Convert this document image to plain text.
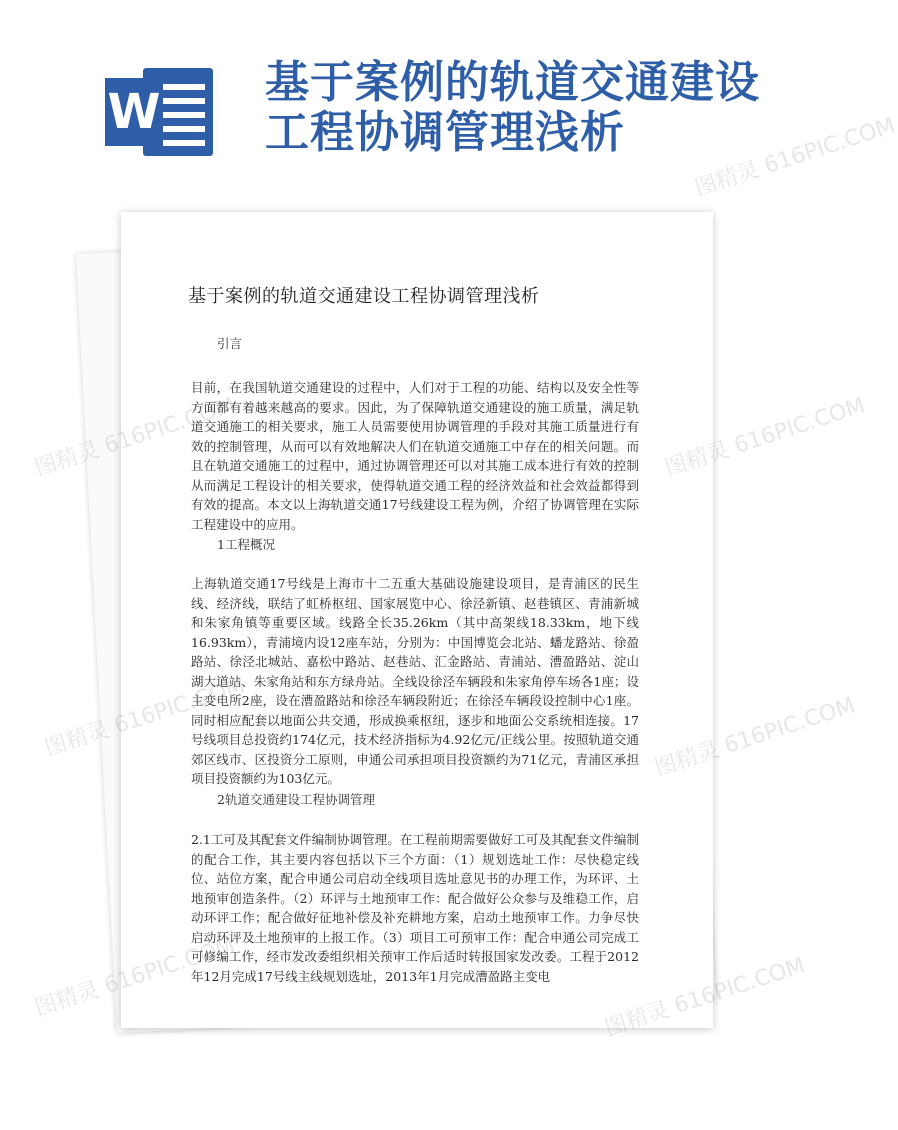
W
基于案例的轨道交通建设工程协调管理浅析
基于案例的轨道交通建设工程协调管理浅析
引言

目前，在我国轨道交通建设的过程中，人们对于工程的功能、结构以及安全性等方面都有着越来越高的要求。因此，为了保障轨道交通建设的施工质量，满足轨道交通施工的相关要求，施工人员需要使用协调管理的手段对其施工质量进行有效的控制管理，从而可以有效地解决人们在轨道交通施工中存在的相关问题。而且在轨道交通施工的过程中，通过协调管理还可以对其施工成本进行有效的控制从而满足工程设计的相关要求，使得轨道交通工程的经济效益和社会效益都得到有效的提高。本文以上海轨道交通17号线建设工程为例，介绍了协调管理在实际工程建设中的应用。

1工程概况

上海轨道交通17号线是上海市十二五重大基础设施建设项目，是青浦区的民生线、经济线，联结了虹桥枢纽、国家展览中心、徐泾新镇、赵巷镇区、青浦新城和朱家角镇等重要区域。线路全长35.26km（其中高架线18.33km，地下线16.93km），青浦境内设12座车站，分别为：中国博览会北站、蟠龙路站、徐盈路站、徐泾北城站、嘉松中路站、赵巷站、汇金路站、青浦站、漕盈路站、淀山湖大道站、朱家角站和东方绿舟站。全线设徐泾车辆段和朱家角停车场各1座；设主变电所2座，设在漕盈路站和徐泾车辆段附近；在徐泾车辆段设控制中心1座。同时相应配套以地面公共交通，形成换乘枢纽，逐步和地面公交系统相连接。17号线项目总投资约174亿元，技术经济指标为4.92亿元/正线公里。按照轨道交通郊区线市、区投资分工原则，申通公司承担项目投资额约为71亿元，青浦区承担项目投资额约为103亿元。

2轨道交通建设工程协调管理

2.1工可及其配套文件编制协调管理。在工程前期需要做好工可及其配套文件编制的配合工作，其主要内容包括以下三个方面：（1）规划选址工作：尽快稳定线位、站位方案，配合申通公司启动全线项目选址意见书的办理工作，为环评、土地预审创造条件。（2）环评与土地预审工作：配合做好公众参与及维稳工作，启动环评工作；配合做好征地补偿及补充耕地方案，启动土地预审工作。力争尽快启动环评及土地预审的上报工作。（3）项目工可预审工作：配合申通公司完成工可修编工作，经市发改委组织相关预审工作后适时转报国家发改委。工程于2012年12月完成17号线主线规划选址，2013年1月完成漕盈路主变电

图精灵 616PIC.COM
图精灵	图精灵 616PIC.COM
图精灵	图精灵 616PIC.COM
图精灵	616PIC.COM
